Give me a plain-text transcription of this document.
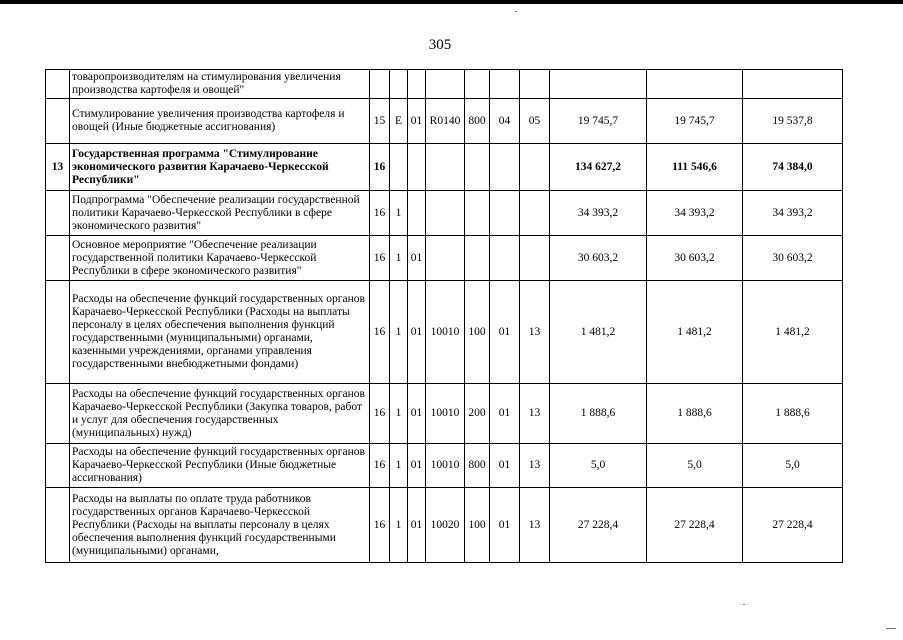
305
	товаропроизводителям на стимулирования увеличения производства картофеля и овощей"										
	Стимулирование увеличения производства картофеля и овощей (Иные бюджетные ассигнования)	15	Е	01	R0140	800	04	05	19 745,7	19 745,7	19 537,8
13	Государственная программа "Стимулирование экономического развития Карачаево-Черкесской Республики"	16							134 627,2	111 546,6	74 384,0
	Подпрограмма "Обеспечение реализации государственной политики Карачаево-Черкесской Республики в сфере экономического развития"	16	1						34 393,2	34 393,2	34 393,2
	Основное мероприятие "Обеспечение реализации государственной политики Карачаево-Черкесской Республики в сфере экономического развития"	16	1	01					30 603,2	30 603,2	30 603,2
	Расходы на обеспечение функций государственных органов Карачаево-Черкесской Республики (Расходы на выплаты персоналу в целях обеспечения выполнения функций государственными (муниципальными) органами, казенными учреждениями, органами управления государственными внебюджетными фондами)	16	1	01	10010	100	01	13	1 481,2	1 481,2	1 481,2
	Расходы на обеспечение функций государственных органов Карачаево-Черкесской Республики (Закупка товаров, работ и услуг для обеспечения государственных (муниципальных) нужд)	16	1	01	10010	200	01	13	1 888,6	1 888,6	1 888,6
	Расходы на обеспечение функций государственных органов Карачаево-Черкесской Республики (Иные бюджетные ассигнования)	16	1	01	10010	800	01	13	5,0	5,0	5,0
	Расходы на выплаты по оплате труда работников государственных органов Карачаево-Черкесской Республики (Расходы на выплаты персоналу в целях обеспечения выполнения функций государственными (муниципальными) органами,	16	1	01	10020	100	01	13	27 228,4	27 228,4	27 228,4
